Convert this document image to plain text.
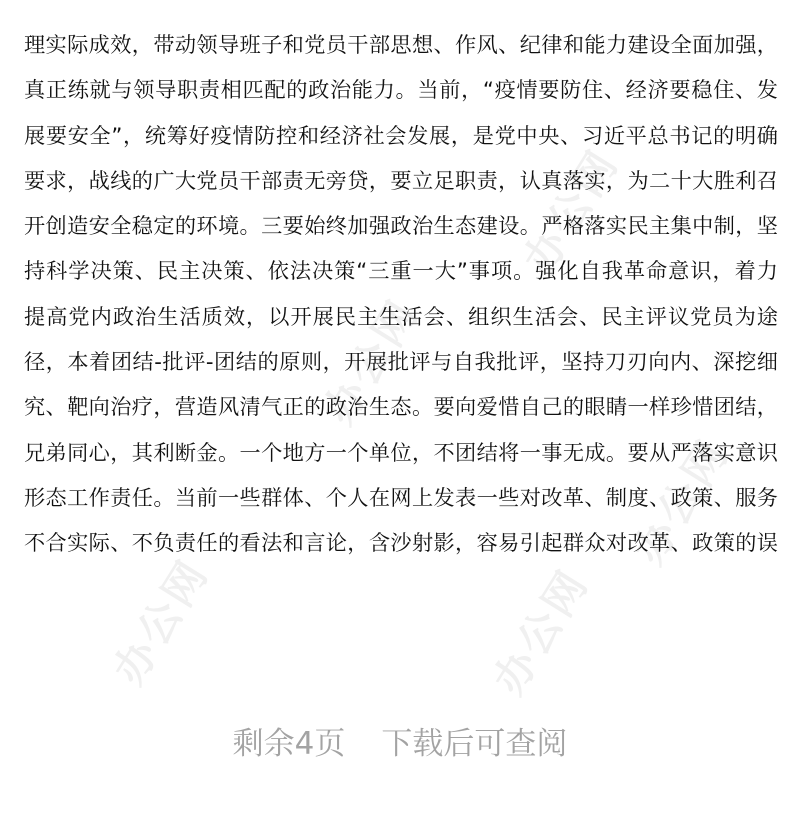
办公网
办公网
办公网	办公网
办公网
理实际成效，带动领导班子和党员干部思想、作风、纪律和能力建设全面加强，
真正练就与领导职责相匹配的政治能力。当前，“疫情要防住、经济要稳住、发
展要安全”，统筹好疫情防控和经济社会发展，是党中央、习近平总书记的明确
要求，战线的广大党员干部责无旁贷，要立足职责，认真落实，为二十大胜利召
开创造安全稳定的环境。三要始终加强政治生态建设。严格落实民主集中制，坚
持科学决策、民主决策、依法决策“三重一大”事项。强化自我革命意识，着力
提高党内政治生活质效，以开展民主生活会、组织生活会、民主评议党员为途
径，本着团结-批评-团结的原则，开展批评与自我批评，坚持刀刃向内、深挖细
究、靶向治疗，营造风清气正的政治生态。要向爱惜自己的眼睛一样珍惜团结，
兄弟同心，其利断金。一个地方一个单位，不团结将一事无成。要从严落实意识
形态工作责任。当前一些群体、个人在网上发表一些对改革、制度、政策、服务
不合实际、不负责任的看法和言论，含沙射影，容易引起群众对改革、政策的误
剩余4页 下载后可查阅
